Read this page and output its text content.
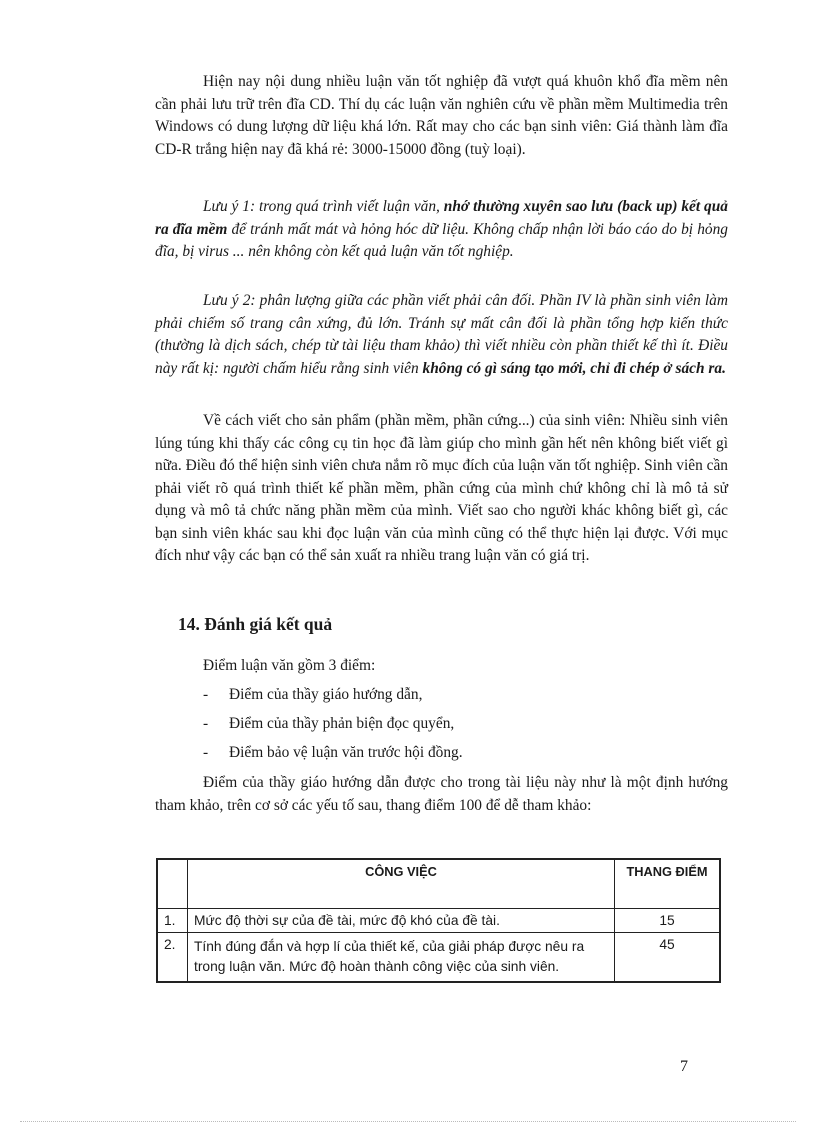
Hiện nay nội dung nhiều luận văn tốt nghiệp đã vượt quá khuôn khổ đĩa mềm nên cần phải lưu trữ trên đĩa CD. Thí dụ các luận văn nghiên cứu về phần mềm Multimedia trên Windows có dung lượng dữ liệu khá lớn. Rất may cho các bạn sinh viên: Giá thành làm đĩa CD-R trắng hiện nay đã khá rẻ: 3000-15000 đồng (tuỳ loại).

Lưu ý 1: trong quá trình viết luận văn, nhớ thường xuyên sao lưu (back up) kết quả ra đĩa mềm để tránh mất mát và hỏng hóc dữ liệu. Không chấp nhận lời báo cáo do bị hỏng đĩa, bị virus ... nên không còn kết quả luận văn tốt nghiệp.

Lưu ý 2: phân lượng giữa các phần viết phải cân đối. Phần IV là phần sinh viên làm phải chiếm số trang cân xứng, đủ lớn. Tránh sự mất cân đối là phần tổng hợp kiến thức (thường là dịch sách, chép từ tài liệu tham khảo) thì viết nhiều còn phần thiết kế thì ít. Điều này rất kị: người chấm hiểu rằng sinh viên không có gì sáng tạo mới, chỉ đi chép ở sách ra.

Về cách viết cho sản phẩm (phần mềm, phần cứng...) của sinh viên: Nhiều sinh viên lúng túng khi thấy các công cụ tin học đã làm giúp cho mình gần hết nên không biết viết gì nữa. Điều đó thể hiện sinh viên chưa nắm rõ mục đích của luận văn tốt nghiệp. Sinh viên cần phải viết rõ quá trình thiết kế phần mềm, phần cứng của mình chứ không chỉ là mô tả sử dụng và mô tả chức năng phần mềm của mình. Viết sao cho người khác không biết gì, các bạn sinh viên khác sau khi đọc luận văn của mình cũng có thể thực hiện lại được. Với mục đích như vậy các bạn có thể sản xuất ra nhiều trang luận văn có giá trị.

14. Đánh giá kết quả

Điểm luận văn gồm 3 điểm:

- Điểm của thầy giáo hướng dẫn,
- Điểm của thầy phản biện đọc quyển,
- Điểm bảo vệ luận văn trước hội đồng.

Điểm của thầy giáo hướng dẫn được cho trong tài liệu này như là một định hướng tham khảo, trên cơ sở các yếu tố sau, thang điểm 100 để dễ tham khảo:

	CÔNG VIỆC	THANG ĐIỂM
1.	Mức độ thời sự của đề tài, mức độ khó của đề tài.	15
2.	Tính đúng đắn và hợp lí của thiết kế, của giải pháp được nêu ra trong luận văn. Mức độ hoàn thành công việc của sinh viên.	45

7
